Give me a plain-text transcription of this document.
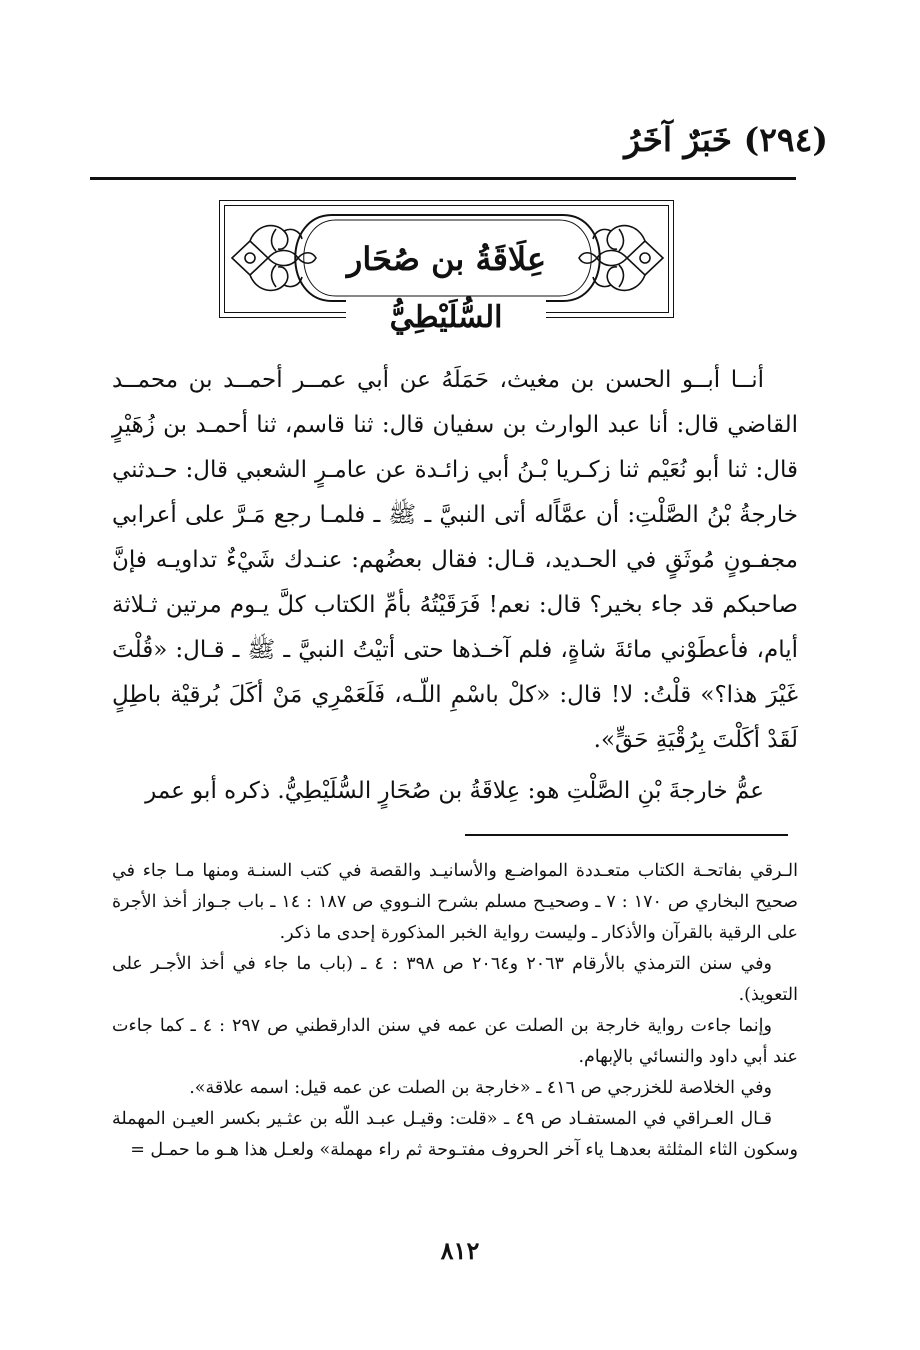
(٢٩٤) خَبَرٌ آخَرُ
عِلَاقَةُ بن صُحَار
السُّلَيْطِيُّ

أنــا أبــو الحسن بن مغيث، حَمَلَهُ عن أبي عمــر أحمــد بن محمــد القاضي قال: أنا عبد الوارث بن سفيان قال: ثنا قاسم، ثنا أحمـد بن زُهَيْرٍ قال: ثنا أبو نُعَيْم ثنا زكـريا بْـنُ أبي زائـدة عن عامـرٍ الشعبي قال: حـدثني خارجةُ بْنُ الصَّلْتِ: أن عمَّاًله أتى النبيَّ ـ ﷺ ـ فلمـا رجع مَـرَّ على أعرابي مجفـونٍ مُوثَقٍ في الحـديد، قـال: فقال بعضُهم: عنـدك شَيْءٌ تداويـه فإنَّ صاحبكم قد جاء بخير؟ قال: نعم! فَرَقَيْتُهُ بأمِّ الكتاب كلَّ يـوم مرتين ثـلاثة أيام، فأعطَوْني مائةَ شاةٍ، فلم آخـذها حتى أتيْتُ النبيَّ ـ ﷺ ـ قـال: «قُلْتَ غَيْرَ هذا؟» قلْتُ: لا! قال: «كلْ باسْمِ اللّـه، فَلَعَمْرِي مَنْ أكَلَ بُرقيْة باطِلٍ لَقَدْ أكَلْتَ بِرُقْيَةِ حَقٍّ».

عمُّ خارجةَ بْنِ الصَّلْتِ هو: عِلاقَةُ بن صُحَارٍ السُّلَيْطِيُّ. ذكره أبو عمر

الـرقي بفاتحـة الكتاب متعـددة المواضـع والأسانيـد والقصة في كتب السنـة ومنها مـا جاء في صحيح البخاري ص ١٧٠ : ٧ ـ وصحيـح مسلم بشرح النـووي ص ١٨٧ : ١٤ ـ باب جـواز أخذ الأجرة على الرقية بالقرآن والأذكار ـ وليست رواية الخبر المذكورة إحدى ما ذكر.

وفي سنن الترمذي بالأرقام ٢٠٦٣ و٢٠٦٤ ص ٣٩٨ : ٤ ـ (باب ما جاء في أخذ الأجـر على التعويذ).

وإنما جاءت رواية خارجة بن الصلت عن عمه في سنن الدارقطني ص ٢٩٧ : ٤ ـ كما جاءت عند أبي داود والنسائي بالإبهام.

وفي الخلاصة للخزرجي ص ٤١٦ ـ «خارجة بن الصلت عن عمه قيل: اسمه علاقة».

قـال العـراقي في المستفـاد ص ٤٩ ـ «قلت: وقيـل عبـد اللّه بن عثـير بكسر العيـن المهملة وسكون الثاء المثلثة بعدهـا ياء آخر الحروف مفتـوحة ثم راء مهملة» ولعـل هذا هـو ما حمـل =

٨١٢
